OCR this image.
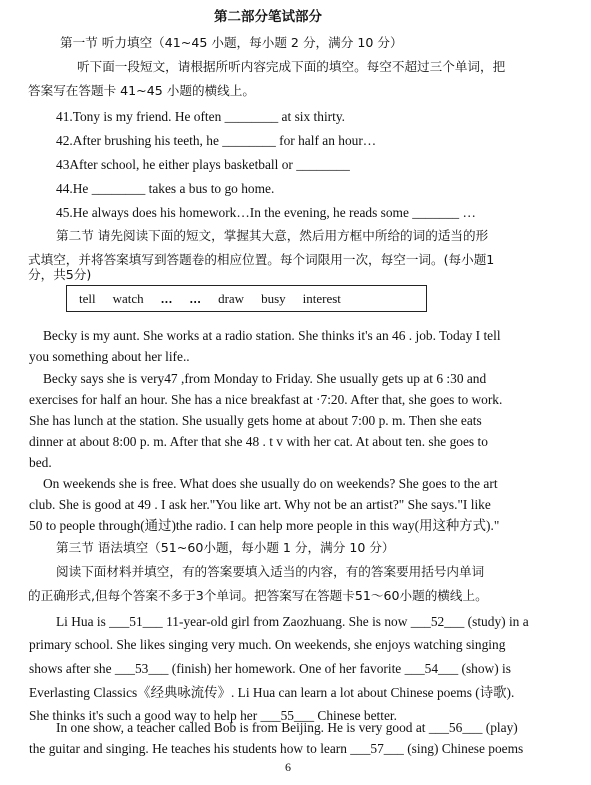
第二部分笔试部分
第一节 听力填空（41~45 小题，每小题 2 分，满分 10 分）
听下面一段短文，请根据所听内容完成下面的填空。每空不超过三个单词，把
答案写在答题卡 41~45 小题的横线上。
41.Tony is my friend. He often ________ at six thirty.
42.After brushing his teeth, he ________ for half an hour…
43After school, he either plays basketball or ________
44.He ________ takes a bus to go home.
45.He always does his homework…In the evening, he reads some _______ …
第二节 请先阅读下面的短文，掌握其大意，然后用方框中所给的词的适当的形
式填空，并将答案填写到答题卷的相应位置。每个词限用一次，每空一词。(每小题1
分，共5分)
tell watch ꓸꓸꓸ ꓸꓸꓸ draw busy interest
Becky is my aunt. She works at a radio station. She thinks it's an 46 . job. Today I tell
you something about her life..
Becky says she is very47 ,from Monday to Friday. She usually gets up at 6 :30 and
exercises for half an hour. She has a nice breakfast at ·7:20. After that, she goes to work.
She has lunch at the station. She usually gets home at about 7:00 p. m. Then she eats
dinner at about 8:00 p. m. After that she 48 . t v with her cat. At about ten. she goes to
bed.
On weekends she is free. What does she usually do on weekends? She goes to the art
club. She is good at 49 . I ask her."You like art. Why not be an artist?" She says."I like
50 to people through(通过)the radio. I can help more people in this way(用这种方式)."
第三节 语法填空（51~60小题，每小题 1 分，满分 10 分）
阅读下面材料并填空，有的答案要填入适当的内容，有的答案要用括号内单词
的正确形式,但每个答案不多于3个单词。把答案写在答题卡51～60小题的横线上。
Li Hua is ___51___ 11-year-old girl from Zaozhuang. She is now ___52___ (study) in a
primary school. She likes singing very much. On weekends, she enjoys watching singing
shows after she ___53___ (finish) her homework. One of her favorite ___54___ (show) is
Everlasting Classics《经典咏流传》. Li Hua can learn a lot about Chinese poems (诗歌).
She thinks it's such a good way to help her ___55___ Chinese better.
In one show, a teacher called Bob is from Beijing. He is very good at ___56___ (play)
the guitar and singing. He teaches his students how to learn ___57___ (sing) Chinese poems
6
